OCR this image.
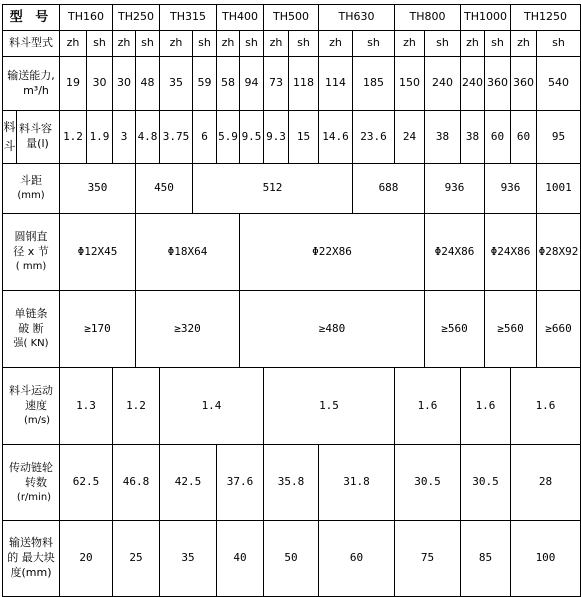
型 号	TH160		TH250		TH315		TH400		TH500		TH630		TH800		TH1000		TH1250	
料斗型式	zh	sh	zh	sh	zh	sh	zh	sh	zh	sh	zh	sh	zh	sh	zh	sh	zh	sh

输送能力,
m³/h	19	30	30	48	35	59	58	94	73	118	114	185	150	240	240	360	360	540

料斗
料斗容
量(l)	1.2	1.9	3	4.8	3.75	6	5.9	9.5	9.3	15	14.6	23.6	24	38	38	60	60	95

斗距
(mm)	350			450		512						688		936		936		1001

圆钢直
径 x 节
( mm)	Φ12X45			Φ18X64				Φ22X86						Φ24X86		Φ24X86		Φ28X92

单链条
破 断
强( KN)	≥170			≥320				≥480						≥560		≥560		≥660

料斗运动
速度
(m/s)	1.3		1.2		1.4				1.5				1.6		1.6		1.6	

传动链轮
转数
(r/min)	62.5		46.8		42.5		37.6		35.8		31.8		30.5		30.5		28	

输送物料
的 最大块
度(mm)	20		25		35		40		50		60		75		85		100	
